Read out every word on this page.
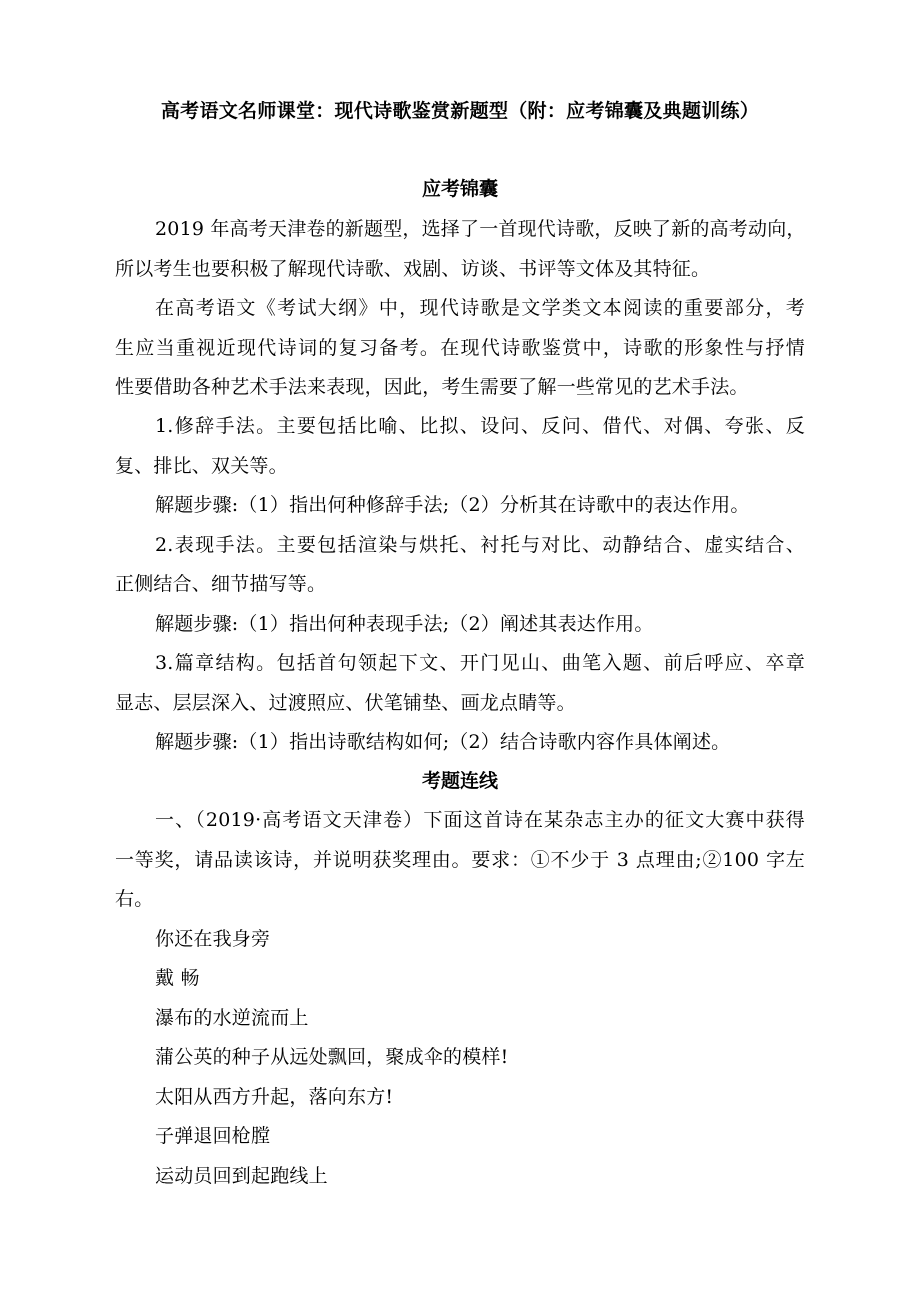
高考语文名师课堂：现代诗歌鉴赏新题型（附：应考锦囊及典题训练）
应考锦囊
2019 年高考天津卷的新题型，选择了一首现代诗歌，反映了新的高考动向，
所以考生也要积极了解现代诗歌、戏剧、访谈、书评等文体及其特征。
在高考语文《考试大纲》中，现代诗歌是文学类文本阅读的重要部分，考
生应当重视近现代诗词的复习备考。在现代诗歌鉴赏中，诗歌的形象性与抒情
性要借助各种艺术手法来表现，因此，考生需要了解一些常见的艺术手法。
1.修辞手法。主要包括比喻、比拟、设问、反问、借代、对偶、夸张、反
复、排比、双关等。
解题步骤:（1）指出何种修辞手法;（2）分析其在诗歌中的表达作用。
2.表现手法。主要包括渲染与烘托、衬托与对比、动静结合、虚实结合、
正侧结合、细节描写等。
解题步骤:（1）指出何种表现手法;（2）阐述其表达作用。
3.篇章结构。包括首句领起下文、开门见山、曲笔入题、前后呼应、卒章
显志、层层深入、过渡照应、伏笔铺垫、画龙点睛等。
解题步骤:（1）指出诗歌结构如何;（2）结合诗歌内容作具体阐述。
考题连线
一、（2019·高考语文天津卷）下面这首诗在某杂志主办的征文大赛中获得
一等奖，请品读该诗，并说明获奖理由。要求：①不少于 3 点理由;②100 字左
右。
你还在我身旁
戴 畅
瀑布的水逆流而上
蒲公英的种子从远处飘回，聚成伞的模样!
太阳从西方升起，落向东方!
子弹退回枪膛
运动员回到起跑线上
